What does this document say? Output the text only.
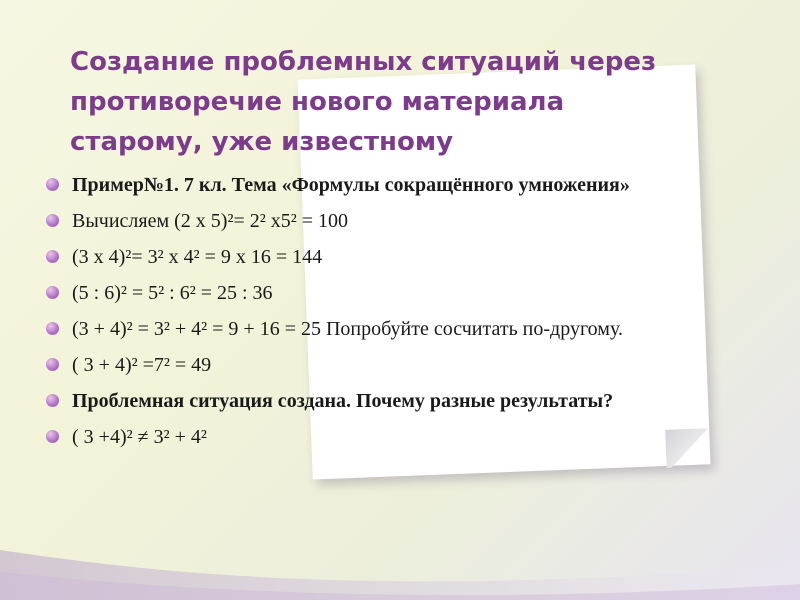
Создание проблемных ситуаций через
противоречие нового материала
старому, уже известному
Пример№1. 7 кл. Тема «Формулы сокращённого умножения»
Вычисляем (2 х 5)²= 2² х5² = 100
(3 х 4)²= 3² х 4² = 9 х 16 = 144
(5 : 6)² = 5² : 6² = 25 : 36
(3 + 4)² = 3² + 4² = 9 + 16 = 25 Попробуйте сосчитать по-другому.
( 3 + 4)² =7² = 49
Проблемная ситуация создана. Почему разные результаты?
( 3 +4)² ≠ 3² + 4²
